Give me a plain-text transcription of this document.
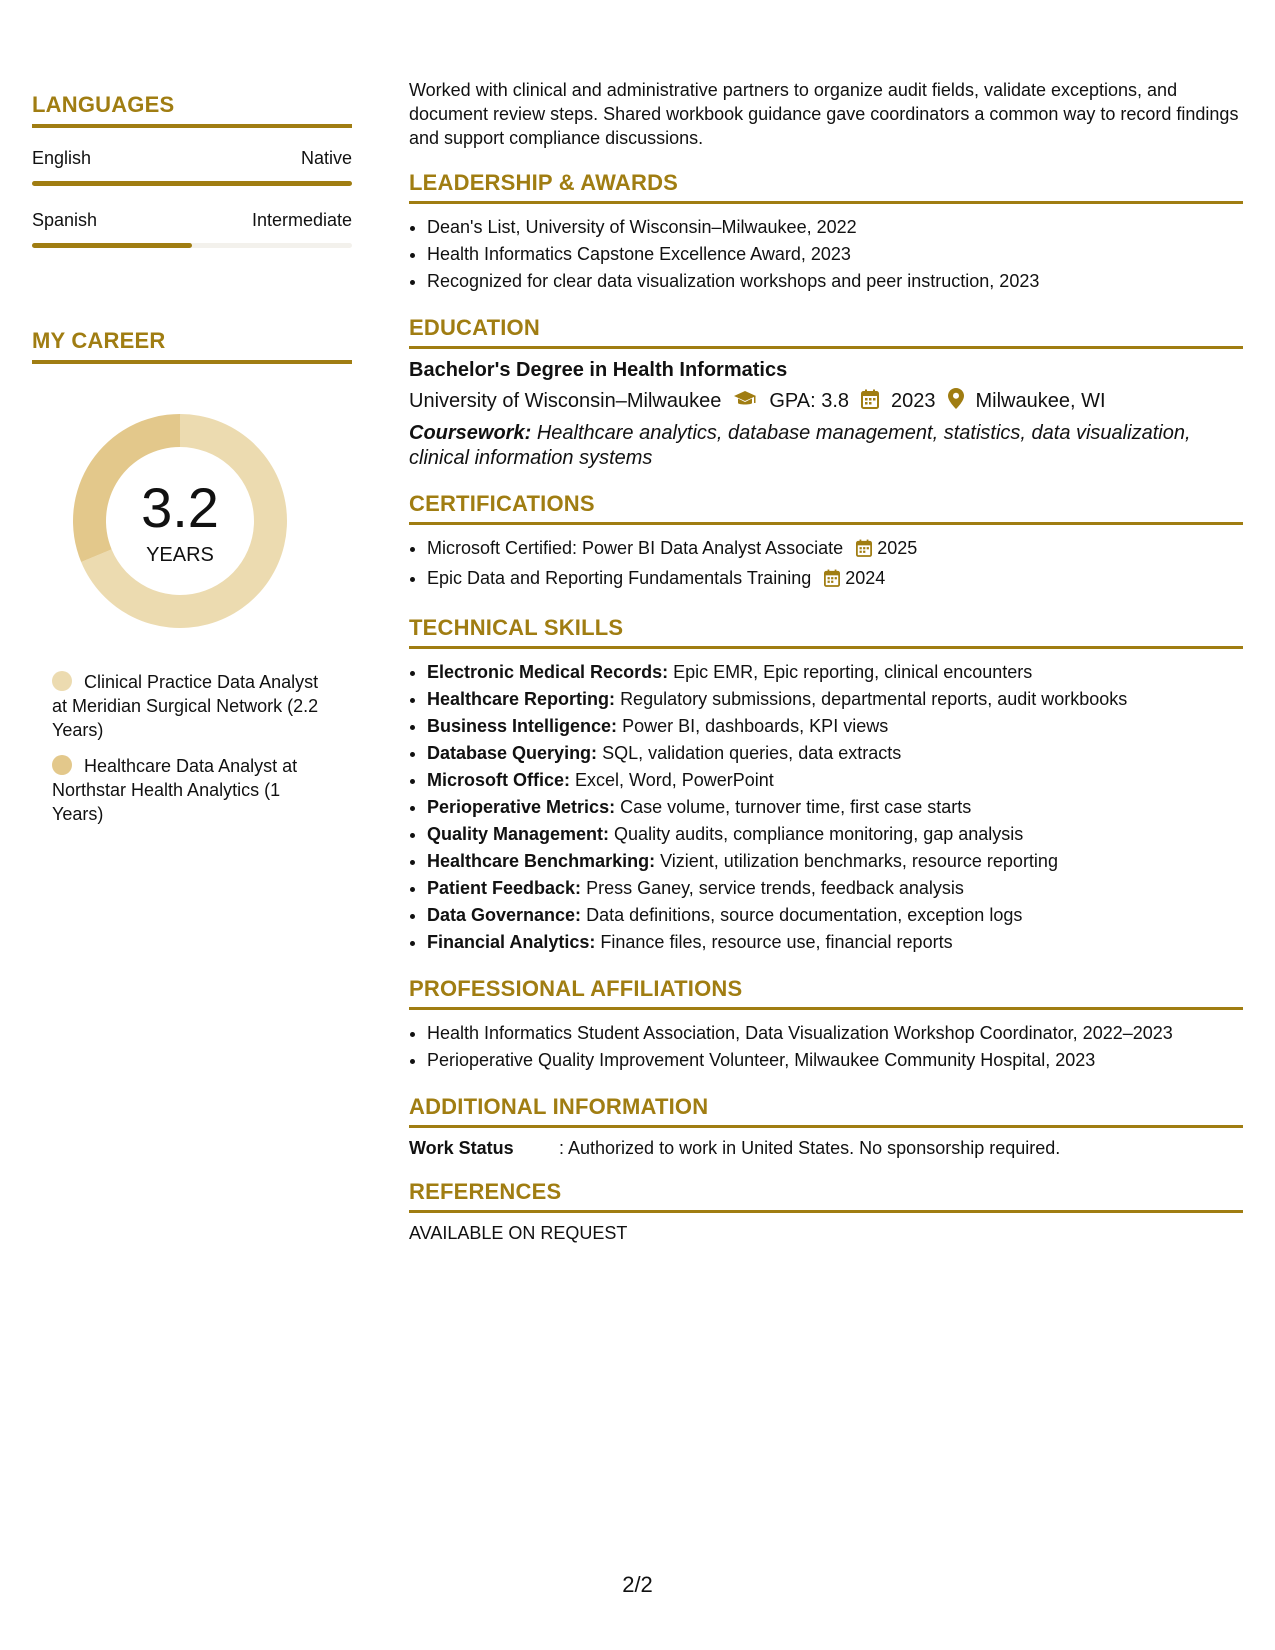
LANGUAGES
English	Native
Spanish	Intermediate
MY CAREER
3.2
YEARS
Clinical Practice Data Analyst at Meridian Surgical Network (2.2 Years)
Healthcare Data Analyst at Northstar Health Analytics (1 Years)

Worked with clinical and administrative partners to organize audit fields, validate exceptions, and document review steps. Shared workbook guidance gave coordinators a common way to record findings and support compliance discussions.

LEADERSHIP & AWARDS
• Dean's List, University of Wisconsin–Milwaukee, 2022
• Health Informatics Capstone Excellence Award, 2023
• Recognized for clear data visualization workshops and peer instruction, 2023
EDUCATION
Bachelor's Degree in Health Informatics
University of Wisconsin–Milwaukee GPA: 3.8 2023 Milwaukee, WI
Coursework: Healthcare analytics, database management, statistics, data visualization, clinical information systems
CERTIFICATIONS
• Microsoft Certified: Power BI Data Analyst Associate 2025
• Epic Data and Reporting Fundamentals Training 2024
TECHNICAL SKILLS
• Electronic Medical Records: Epic EMR, Epic reporting, clinical encounters
• Healthcare Reporting: Regulatory submissions, departmental reports, audit workbooks
• Business Intelligence: Power BI, dashboards, KPI views
• Database Querying: SQL, validation queries, data extracts
• Microsoft Office: Excel, Word, PowerPoint
• Perioperative Metrics: Case volume, turnover time, first case starts
• Quality Management: Quality audits, compliance monitoring, gap analysis
• Healthcare Benchmarking: Vizient, utilization benchmarks, resource reporting
• Patient Feedback: Press Ganey, service trends, feedback analysis
• Data Governance: Data definitions, source documentation, exception logs
• Financial Analytics: Finance files, resource use, financial reports
PROFESSIONAL AFFILIATIONS
• Health Informatics Student Association, Data Visualization Workshop Coordinator, 2022–2023
• Perioperative Quality Improvement Volunteer, Milwaukee Community Hospital, 2023
ADDITIONAL INFORMATION
Work Status	: Authorized to work in United States. No sponsorship required.
REFERENCES
AVAILABLE ON REQUEST
2/2
